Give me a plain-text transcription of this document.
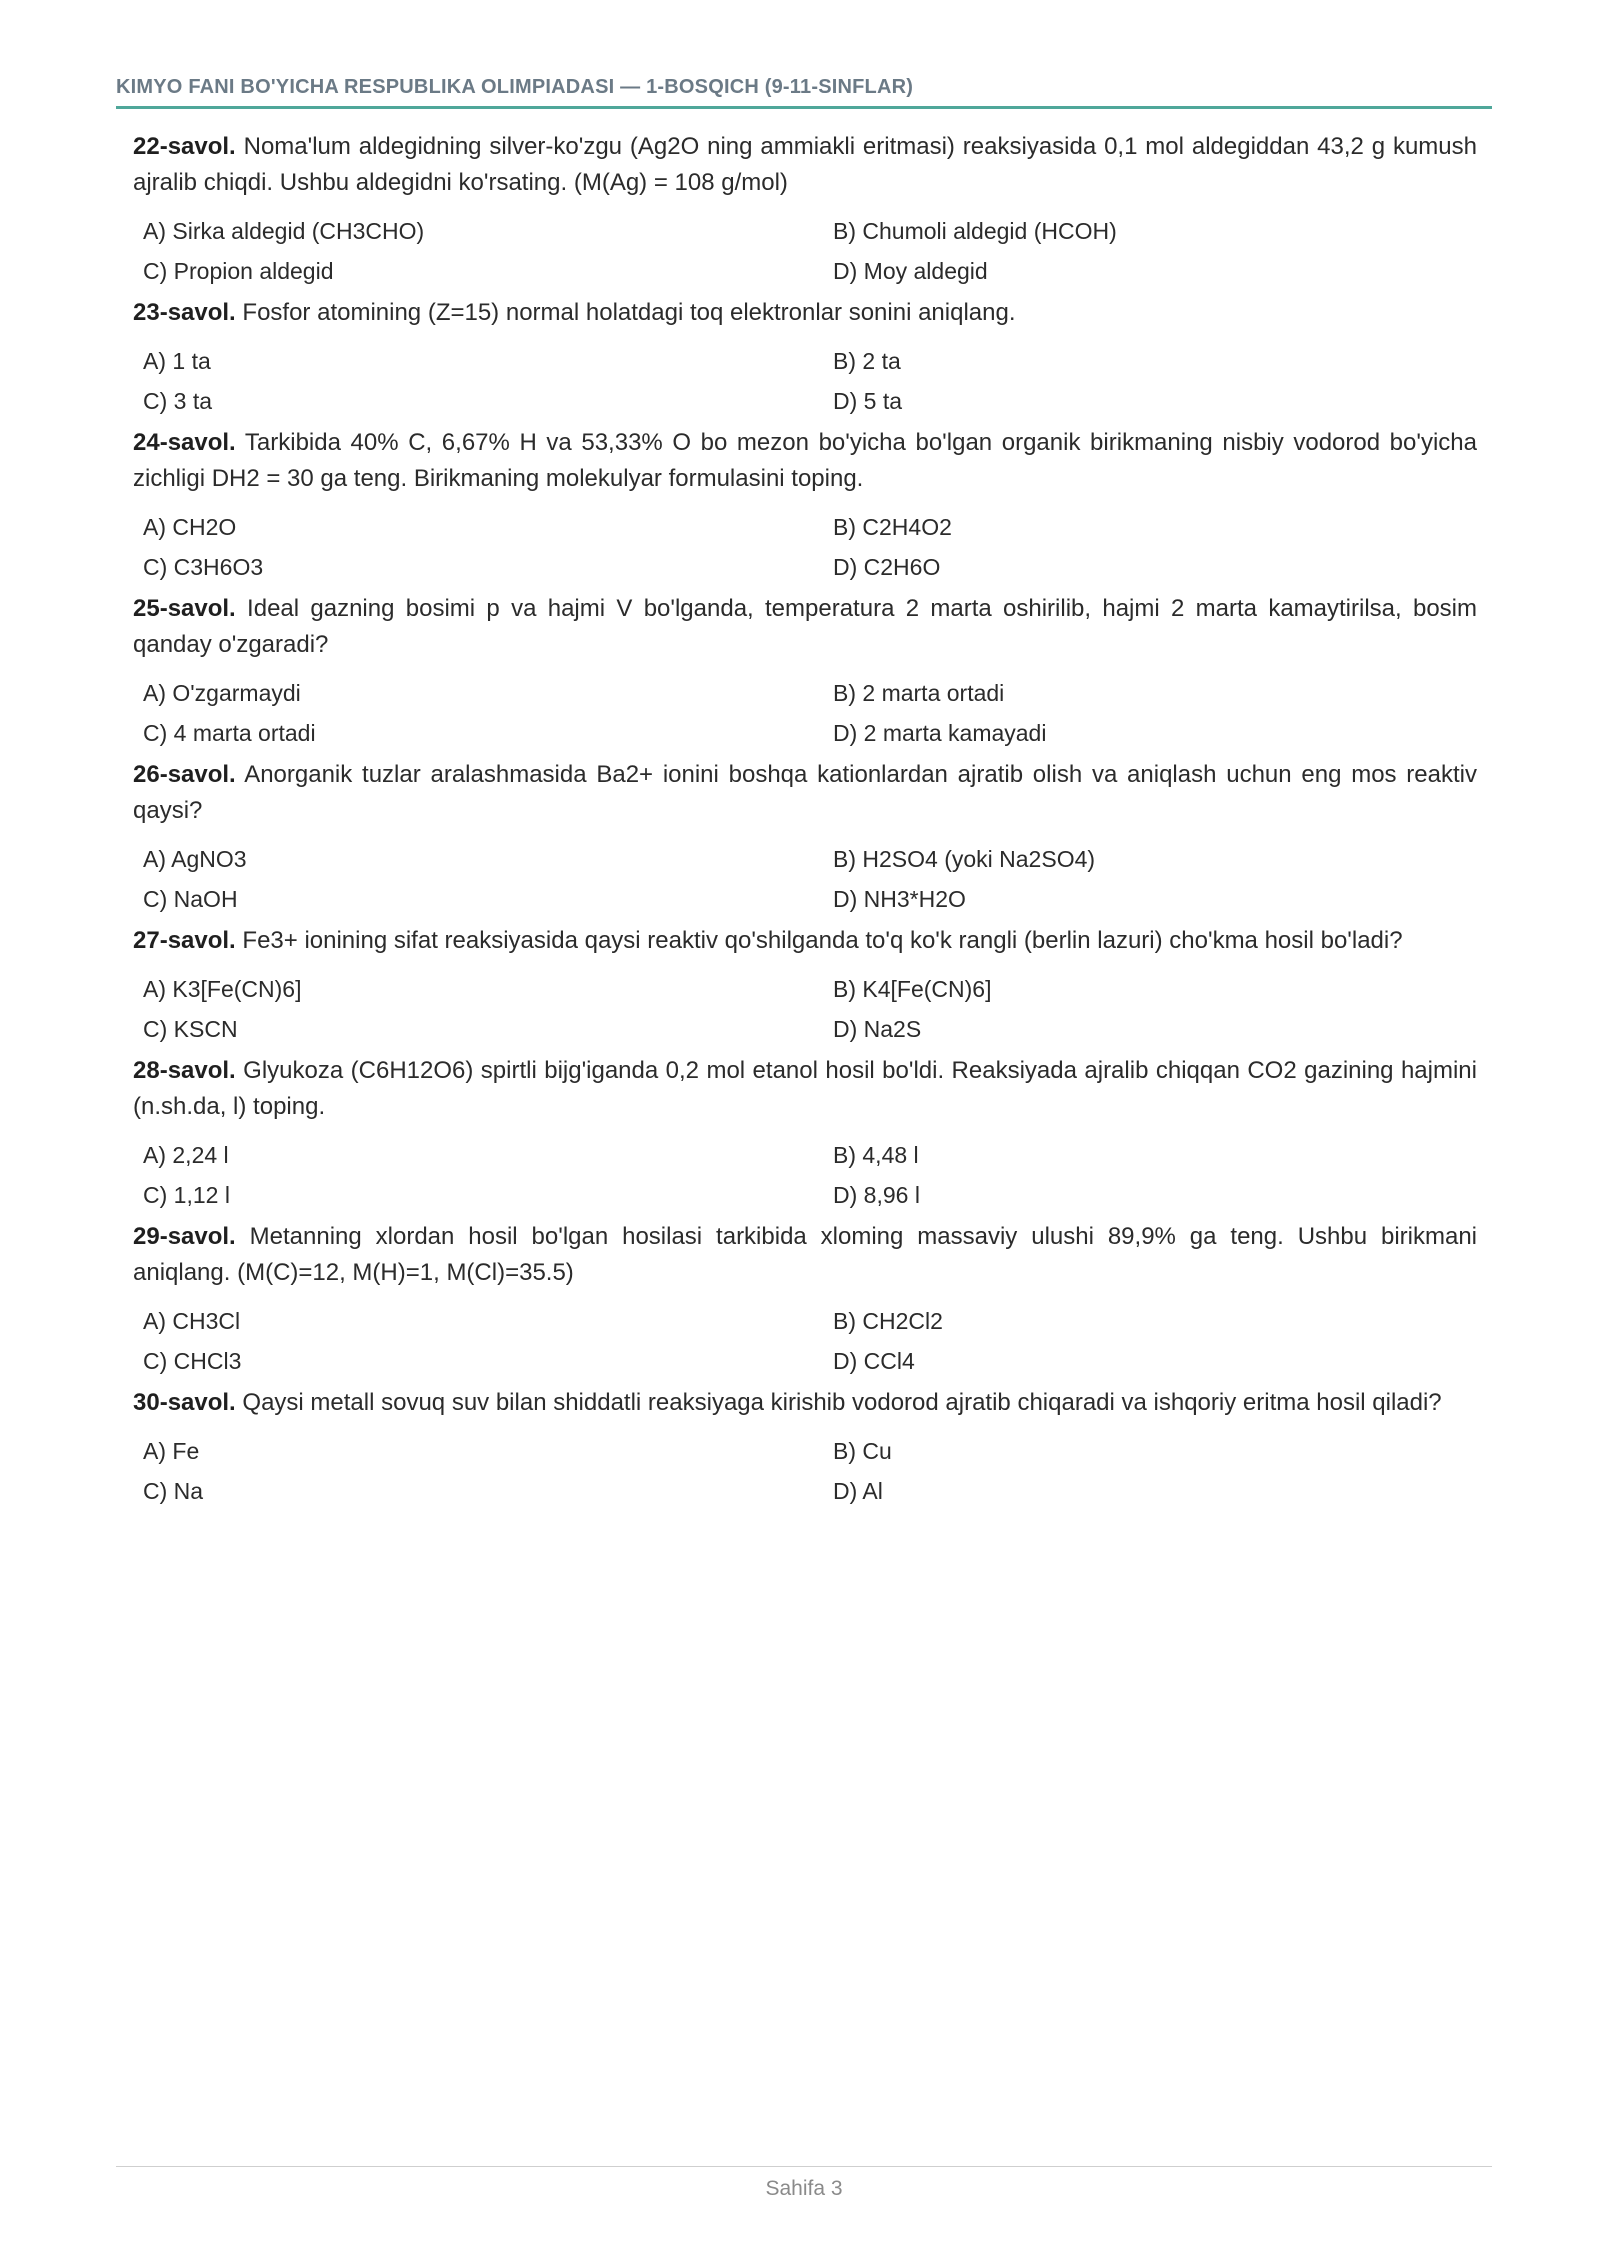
KIMYO FANI BO'YICHA RESPUBLIKA OLIMPIADASI — 1-BOSQICH (9-11-SINFLAR)

22-savol. Noma'lum aldegidning silver-ko'zgu (Ag2O ning ammiakli eritmasi) reaksiyasida 0,1 mol aldegiddan 43,2 g kumush ajralib chiqdi. Ushbu aldegidni ko'rsating. (M(Ag) = 108 g/mol)

A) Sirka aldegid (CH3CHO)	B) Chumoli aldegid (HCOH)
C) Propion aldegid	D) Moy aldegid

23-savol. Fosfor atomining (Z=15) normal holatdagi toq elektronlar sonini aniqlang.

A) 1 ta	B) 2 ta
C) 3 ta	D) 5 ta

24-savol. Tarkibida 40% C, 6,67% H va 53,33% O bo mezon bo'yicha bo'lgan organik birikmaning nisbiy vodorod bo'yicha zichligi DH2 = 30 ga teng. Birikmaning molekulyar formulasini toping.

A) CH2O	B) C2H4O2
C) C3H6O3	D) C2H6O

25-savol. Ideal gazning bosimi p va hajmi V bo'lganda, temperatura 2 marta oshirilib, hajmi 2 marta kamaytirilsa, bosim qanday o'zgaradi?

A) O'zgarmaydi	B) 2 marta ortadi
C) 4 marta ortadi	D) 2 marta kamayadi

26-savol. Anorganik tuzlar aralashmasida Ba2+ ionini boshqa kationlardan ajratib olish va aniqlash uchun eng mos reaktiv qaysi?

A) AgNO3	B) H2SO4 (yoki Na2SO4)
C) NaOH	D) NH3*H2O

27-savol. Fe3+ ionining sifat reaksiyasida qaysi reaktiv qo'shilganda to'q ko'k rangli (berlin lazuri) cho'kma hosil bo'ladi?

A) K3[Fe(CN)6]	B) K4[Fe(CN)6]
C) KSCN	D) Na2S

28-savol. Glyukoza (C6H12O6) spirtli bijg'iganda 0,2 mol etanol hosil bo'ldi. Reaksiyada ajralib chiqqan CO2 gazining hajmini (n.sh.da, l) toping.

A) 2,24 l	B) 4,48 l
C) 1,12 l	D) 8,96 l

29-savol. Metanning xlordan hosil bo'lgan hosilasi tarkibida xloming massaviy ulushi 89,9% ga teng. Ushbu birikmani aniqlang. (M(C)=12, M(H)=1, M(Cl)=35.5)

A) CH3Cl	B) CH2Cl2
C) CHCl3	D) CCl4

30-savol. Qaysi metall sovuq suv bilan shiddatli reaksiyaga kirishib vodorod ajratib chiqaradi va ishqoriy eritma hosil qiladi?

A) Fe	B) Cu
C) Na	D) Al
Sahifa 3
